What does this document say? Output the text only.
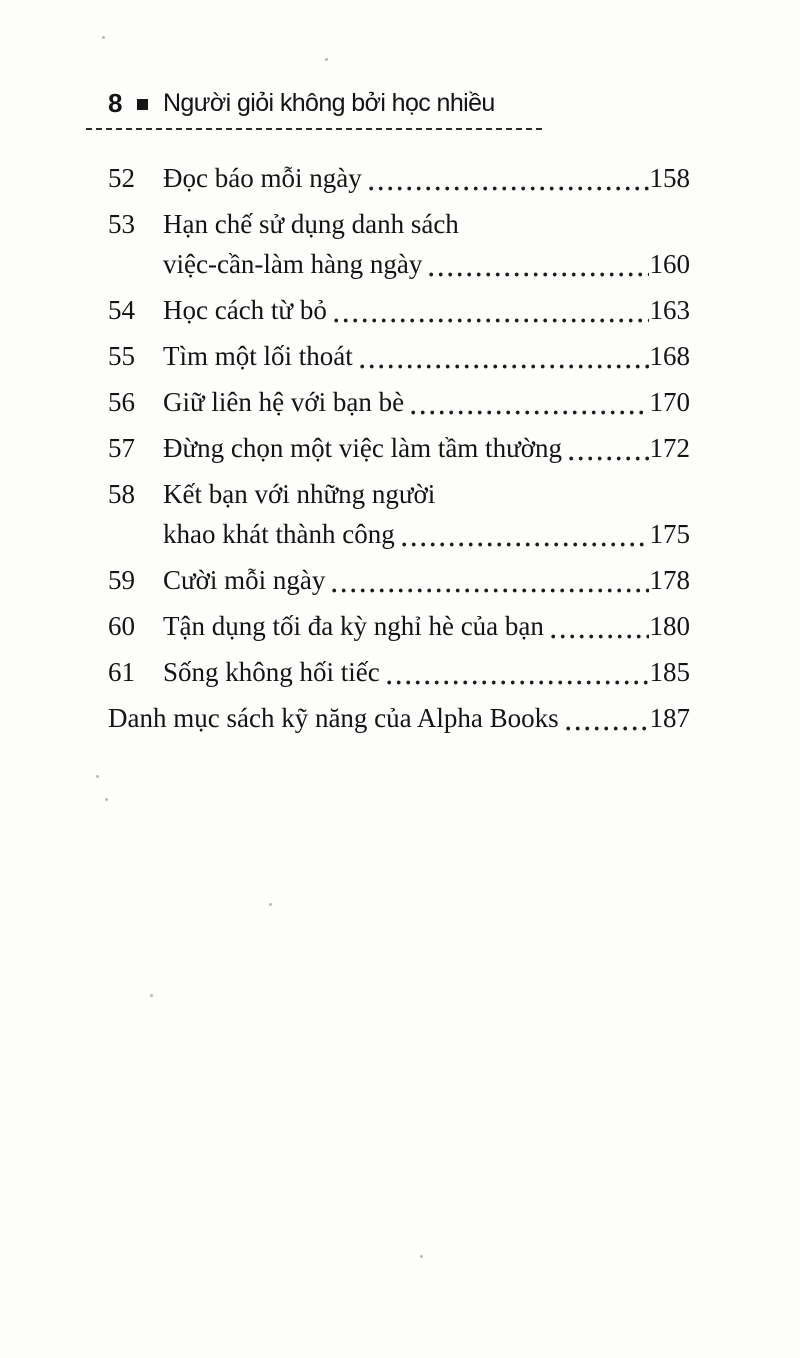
8 Người giỏi không bởi học nhiều
52	Đọc báo mỗi ngày	158
53	Hạn chế sử dụng danh sách
việc-cần-làm hàng ngày	160
54	Học cách từ bỏ	163
55	Tìm một lối thoát	168
56	Giữ liên hệ với bạn bè	170
57	Đừng chọn một việc làm tầm thường	172
58	Kết bạn với những người
khao khát thành công	175
59	Cười mỗi ngày	178
60	Tận dụng tối đa kỳ nghỉ hè của bạn	180
61	Sống không hối tiếc	185
Danh mục sách kỹ năng của Alpha Books	187
